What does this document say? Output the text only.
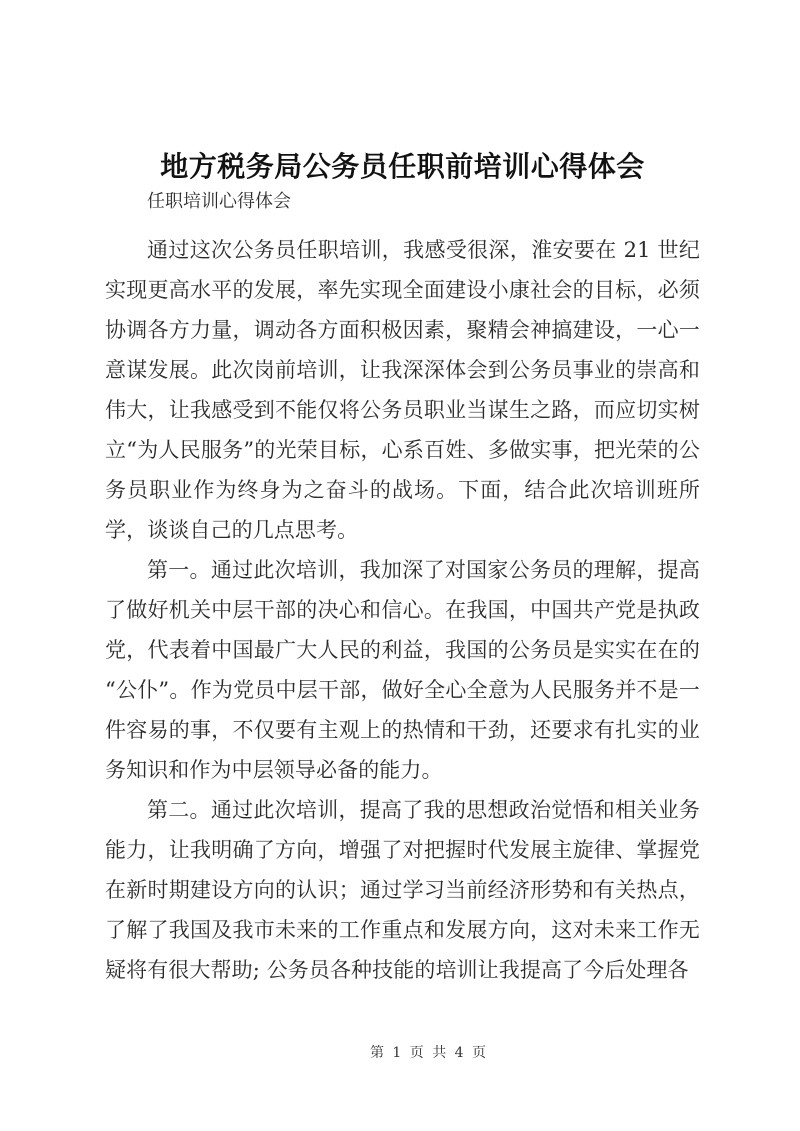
地方税务局公务员任职前培训心得体会
任职培训心得体会

通过这次公务员任职培训，我感受很深，淮安要在 21 世纪实现更高水平的发展，率先实现全面建设小康社会的目标，必须协调各方力量，调动各方面积极因素，聚精会神搞建设，一心一意谋发展。此次岗前培训，让我深深体会到公务员事业的崇高和伟大，让我感受到不能仅将公务员职业当谋生之路，而应切实树立“为人民服务”的光荣目标，心系百姓、多做实事，把光荣的公务员职业作为终身为之奋斗的战场。下面，结合此次培训班所学，谈谈自己的几点思考。

第一。通过此次培训，我加深了对国家公务员的理解，提高了做好机关中层干部的决心和信心。在我国，中国共产党是执政党，代表着中国最广大人民的利益，我国的公务员是实实在在的“公仆”。作为党员中层干部，做好全心全意为人民服务并不是一件容易的事，不仅要有主观上的热情和干劲，还要求有扎实的业务知识和作为中层领导必备的能力。

第二。通过此次培训，提高了我的思想政治觉悟和相关业务能力，让我明确了方向，增强了对把握时代发展主旋律、掌握党在新时期建设方向的认识；通过学习当前经济形势和有关热点，了解了我国及我市未来的工作重点和发展方向，这对未来工作无疑将有很大帮助; 公务员各种技能的培训让我提高了今后处理各

第 1 页 共 4 页
